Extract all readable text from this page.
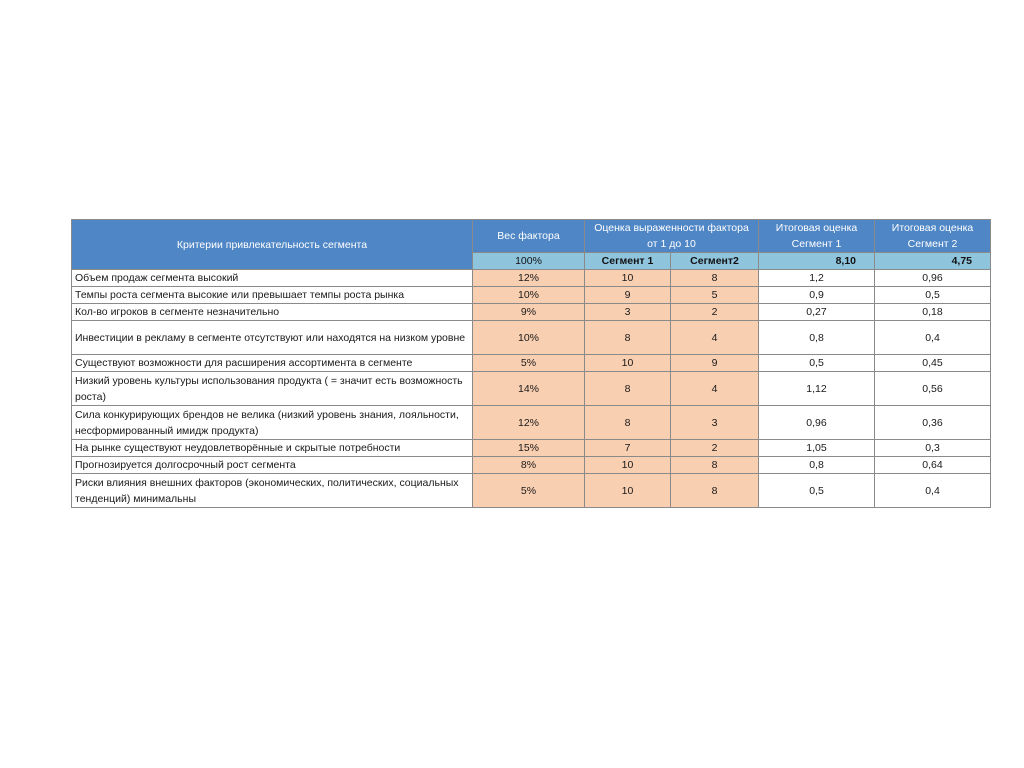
Критерии привлекательность сегмента	Вес фактора	Оценка выраженности фактора от 1 до 10		Итоговая оценка Сегмент 1	Итоговая оценка Сегмент 2
	100%	Сегмент 1	Сегмент2	8,10	4,75
Объем продаж сегмента высокий	12%	10	8	1,2	0,96
Темпы роста сегмента высокие или превышает темпы роста рынка	10%	9	5	0,9	0,5
Кол-во игроков в сегменте незначительно	9%	3	2	0,27	0,18
Инвестиции в рекламу в сегменте отсутствуют или находятся на низком уровне	10%	8	4	0,8	0,4
Существуют возможности для расширения ассортимента в сегменте	5%	10	9	0,5	0,45
Низкий уровень культуры использования продукта ( = значит есть возможность роста)	14%	8	4	1,12	0,56
Сила конкурирующих брендов не велика (низкий уровень знания, лояльности, несформированный имидж продукта)	12%	8	3	0,96	0,36
На рынке существуют неудовлетворённые и скрытые потребности	15%	7	2	1,05	0,3
Прогнозируется долгосрочный рост сегмента	8%	10	8	0,8	0,64
Риски влияния внешних факторов (экономических, политических, социальных тенденций) минимальны	5%	10	8	0,5	0,4
